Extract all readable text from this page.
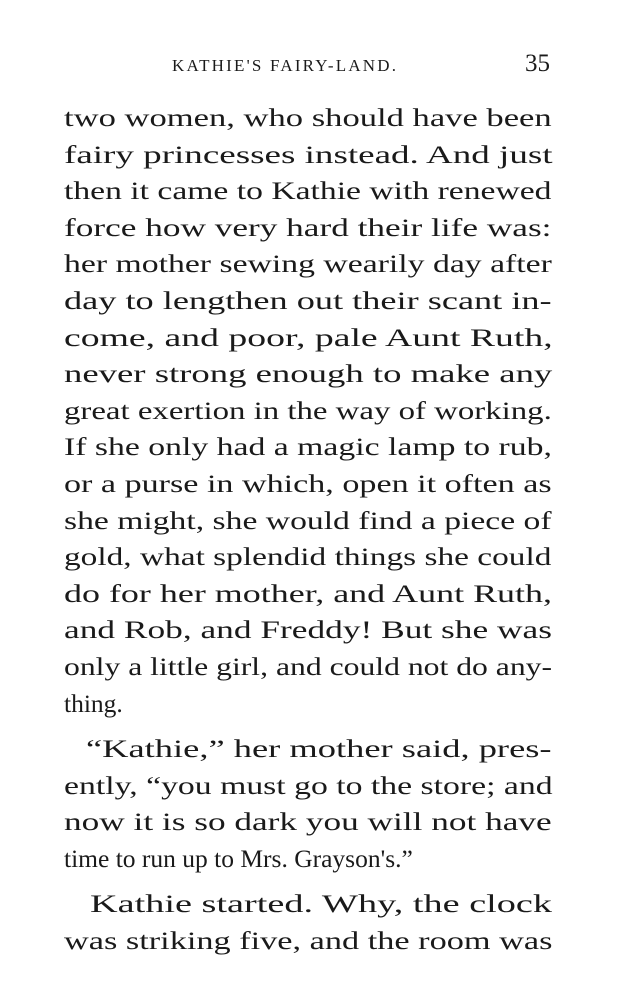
KATHIE'S FAIRY-LAND.	35
two women, who should have been
fairy princesses instead. And just
then it came to Kathie with renewed
force how very hard their life was:
her mother sewing wearily day after
day to lengthen out their scant in-
come, and poor, pale Aunt Ruth,
never strong enough to make any
great exertion in the way of working.
If she only had a magic lamp to rub,
or a purse in which, open it often as
she might, she would find a piece of
gold, what splendid things she could
do for her mother, and Aunt Ruth,
and Rob, and Freddy! But she was
only a little girl, and could not do any-
thing.
“Kathie,” her mother said, pres-
ently, “you must go to the store; and
now it is so dark you will not have
time to run up to Mrs. Grayson's.”
Kathie started. Why, the clock
was striking five, and the room was
